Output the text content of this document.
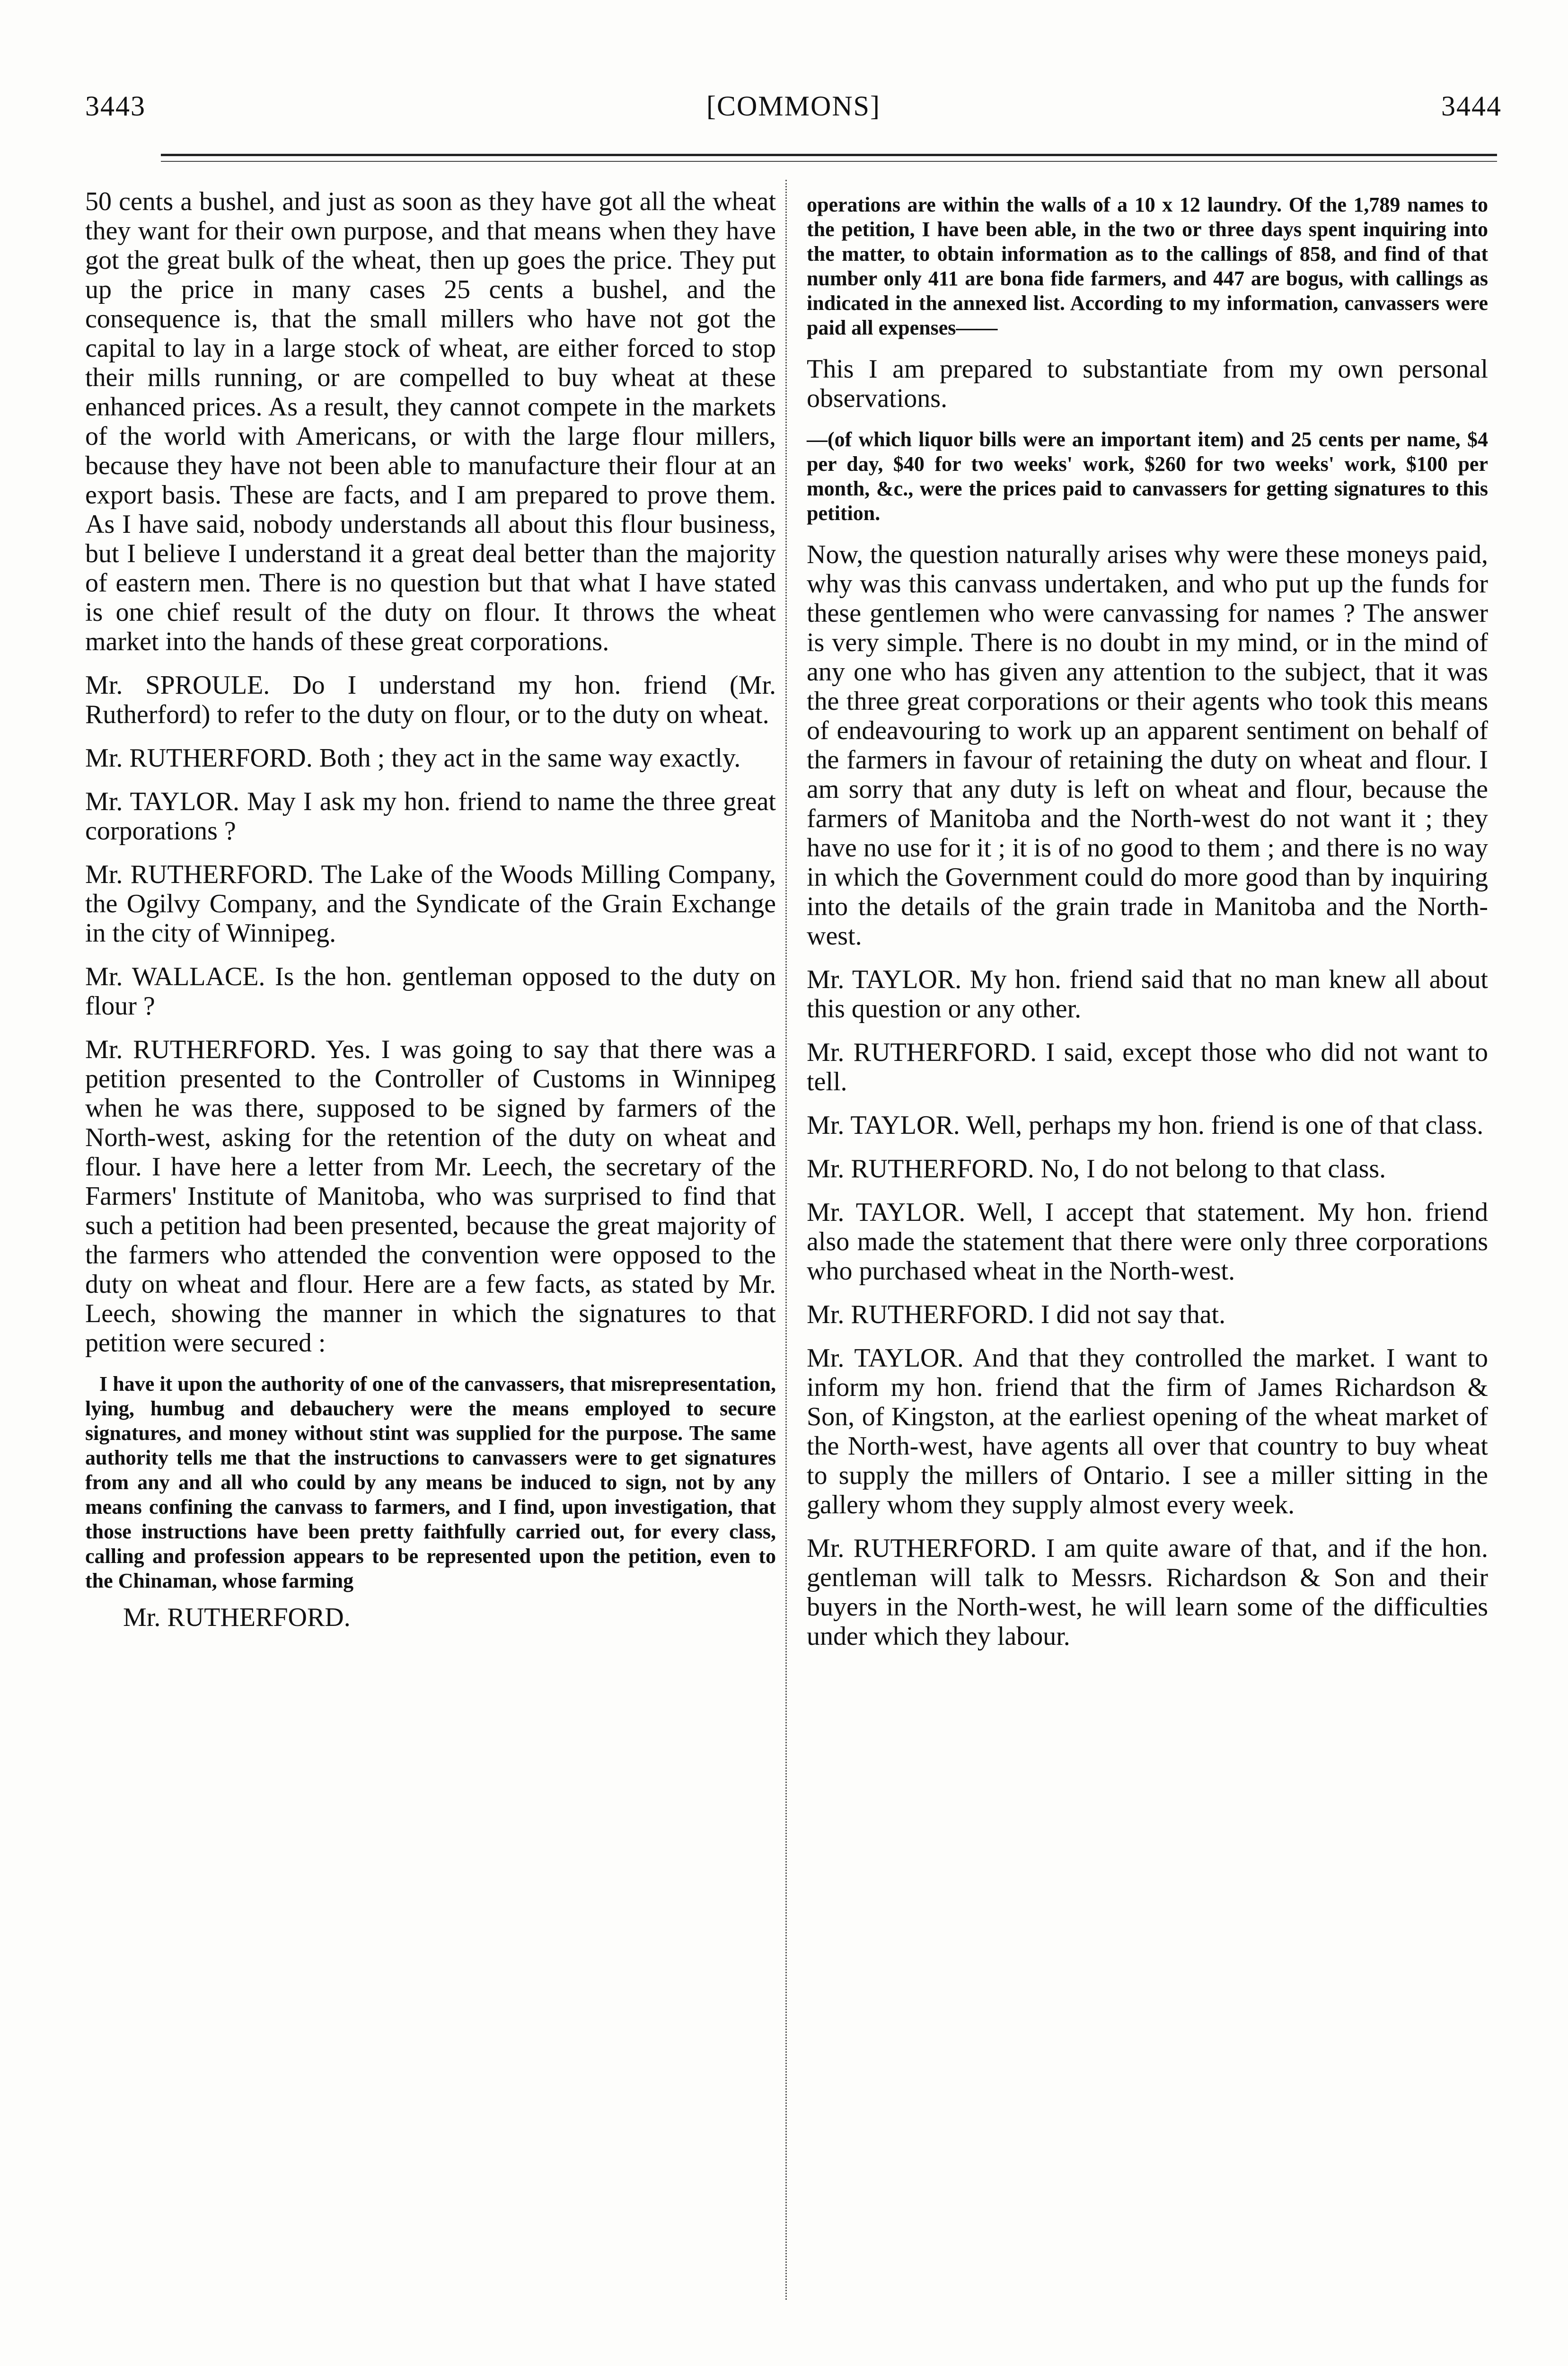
3443	[COMMONS]	3444

50 cents a bushel, and just as soon as they have got all the wheat they want for their own purpose, and that means when they have got the great bulk of the wheat, then up goes the price. They put up the price in many cases 25 cents a bushel, and the consequence is, that the small millers who have not got the capital to lay in a large stock of wheat, are either forced to stop their mills running, or are compelled to buy wheat at these enhanced prices. As a result, they cannot compete in the markets of the world with Americans, or with the large flour millers, because they have not been able to manufacture their flour at an export basis. These are facts, and I am prepared to prove them. As I have said, nobody understands all about this flour business, but I believe I understand it a great deal better than the majority of eastern men. There is no question but that what I have stated is one chief result of the duty on flour. It throws the wheat market into the hands of these great corporations.

Mr. SPROULE. Do I understand my hon. friend (Mr. Rutherford) to refer to the duty on flour, or to the duty on wheat.

Mr. RUTHERFORD. Both ; they act in the same way exactly.

Mr. TAYLOR. May I ask my hon. friend to name the three great corporations ?

Mr. RUTHERFORD. The Lake of the Woods Milling Company, the Ogilvy Company, and the Syndicate of the Grain Exchange in the city of Winnipeg.

Mr. WALLACE. Is the hon. gentleman opposed to the duty on flour ?

Mr. RUTHERFORD. Yes. I was going to say that there was a petition presented to the Controller of Customs in Winnipeg when he was there, supposed to be signed by farmers of the North-west, asking for the retention of the duty on wheat and flour. I have here a letter from Mr. Leech, the secretary of the Farmers' Institute of Manitoba, who was surprised to find that such a petition had been presented, because the great majority of the farmers who attended the convention were opposed to the duty on wheat and flour. Here are a few facts, as stated by Mr. Leech, showing the manner in which the signatures to that petition were secured :

I have it upon the authority of one of the canvassers, that misrepresentation, lying, humbug and debauchery were the means employed to secure signatures, and money without stint was supplied for the purpose. The same authority tells me that the instructions to canvassers were to get signatures from any and all who could by any means be induced to sign, not by any means confining the canvass to farmers, and I find, upon investigation, that those instructions have been pretty faithfully carried out, for every class, calling and profession appears to be represented upon the petition, even to the Chinaman, whose farming

Mr. RUTHERFORD.

operations are within the walls of a 10 x 12 laundry. Of the 1,789 names to the petition, I have been able, in the two or three days spent inquiring into the matter, to obtain information as to the callings of 858, and find of that number only 411 are bona fide farmers, and 447 are bogus, with callings as indicated in the annexed list. According to my information, canvassers were paid all expenses——

This I am prepared to substantiate from my own personal observations.

—(of which liquor bills were an important item) and 25 cents per name, $4 per day, $40 for two weeks' work, $260 for two weeks' work, $100 per month, &c., were the prices paid to canvassers for getting signatures to this petition.

Now, the question naturally arises why were these moneys paid, why was this canvass undertaken, and who put up the funds for these gentlemen who were canvassing for names ? The answer is very simple. There is no doubt in my mind, or in the mind of any one who has given any attention to the subject, that it was the three great corporations or their agents who took this means of endeavouring to work up an apparent sentiment on behalf of the farmers in favour of retaining the duty on wheat and flour. I am sorry that any duty is left on wheat and flour, because the farmers of Manitoba and the North-west do not want it ; they have no use for it ; it is of no good to them ; and there is no way in which the Government could do more good than by inquiring into the details of the grain trade in Manitoba and the North-west.

Mr. TAYLOR. My hon. friend said that no man knew all about this question or any other.

Mr. RUTHERFORD. I said, except those who did not want to tell.

Mr. TAYLOR. Well, perhaps my hon. friend is one of that class.

Mr. RUTHERFORD. No, I do not belong to that class.

Mr. TAYLOR. Well, I accept that statement. My hon. friend also made the statement that there were only three corporations who purchased wheat in the North-west.

Mr. RUTHERFORD. I did not say that.

Mr. TAYLOR. And that they controlled the market. I want to inform my hon. friend that the firm of James Richardson & Son, of Kingston, at the earliest opening of the wheat market of the North-west, have agents all over that country to buy wheat to supply the millers of Ontario. I see a miller sitting in the gallery whom they supply almost every week.

Mr. RUTHERFORD. I am quite aware of that, and if the hon. gentleman will talk to Messrs. Richardson & Son and their buyers in the North-west, he will learn some of the difficulties under which they labour.
